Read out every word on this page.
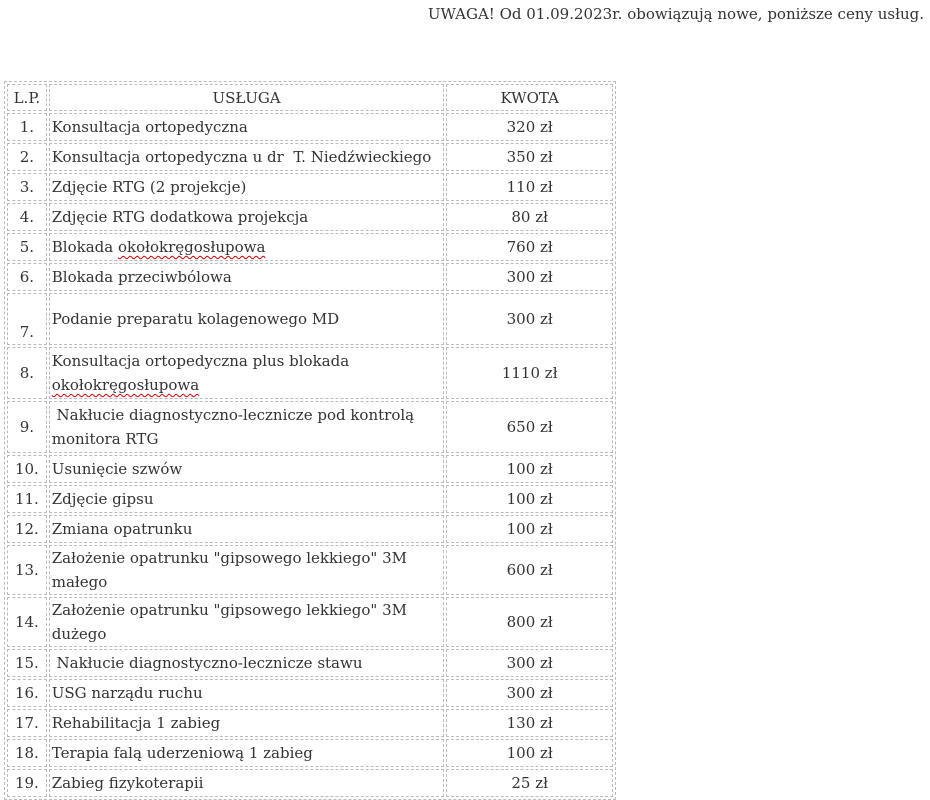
UWAGA! Od 01.09.2023r. obowiązują nowe, poniższe ceny usług.
L.P.	USŁUGA	KWOTA
1.	Konsultacja ortopedyczna	320 zł
2.	Konsultacja ortopedyczna u dr  T. Niedźwieckiego	350 zł
3.	Zdjęcie RTG (2 projekcje)	110 zł
4.	Zdjęcie RTG dodatkowa projekcja	80 zł
5.	Blokada okołokręgosłupowa	760 zł
6.	Blokada przeciwbólowa	300 zł
7.	Podanie preparatu kolagenowego MD	300 zł
8.	Konsultacja ortopedyczna plus blokada okołokręgosłupowa	1110 zł
9.	Nakłucie diagnostyczno-lecznicze pod kontrolą monitora RTG	650 zł
10.	Usunięcie szwów	100 zł
11.	Zdjęcie gipsu	100 zł
12.	Zmiana opatrunku	100 zł
13.	Założenie opatrunku "gipsowego lekkiego" 3M małego	600 zł
14.	Założenie opatrunku "gipsowego lekkiego" 3M dużego	800 zł
15.	Nakłucie diagnostyczno-lecznicze stawu	300 zł
16.	USG narządu ruchu	300 zł
17.	Rehabilitacja 1 zabieg	130 zł
18.	Terapia falą uderzeniową 1 zabieg	100 zł
19.	Zabieg fizykoterapii	25 zł
